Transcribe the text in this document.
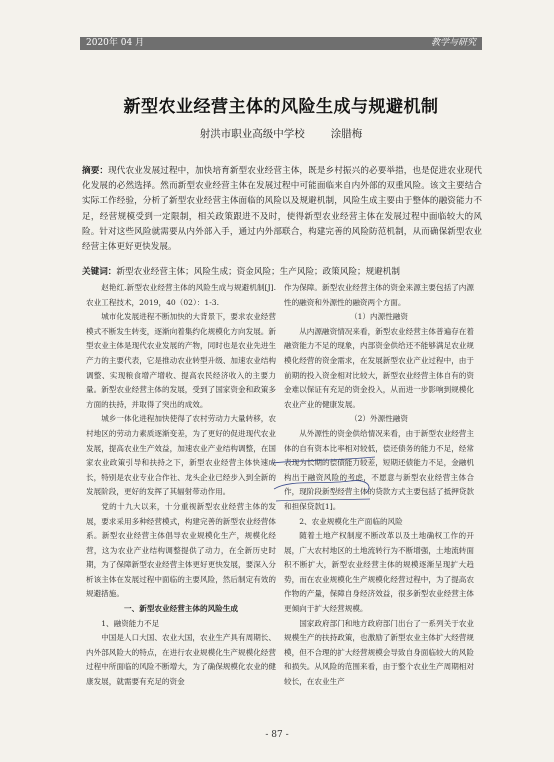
2020年 04 月	教学与研究
新型农业经营主体的风险生成与规避机制
射洪市职业高级中学校 涂腊梅
摘要：现代农业发展过程中，加快培育新型农业经营主体，既是乡村振兴的必要举措，也是促进农业现代化发展的必然选择。然而新型农业经营主体在发展过程中可能面临来自内外部的双重风险。该文主要结合实际工作经验，分析了新型农业经营主体面临的风险以及规避机制，风险生成主要由于整体的融资能力不足，经营规模受到一定限制，相关政策跟进不及时，使得新型农业经营主体在发展过程中面临较大的风险。针对这些风险就需要从内外部入手，通过内外部联合，构建完善的风险防范机制，从而确保新型农业经营主体更好更快发展。
关键词：新型农业经营主体；风险生成；资金风险；生产风险；政策风险；规避机制

赵艳红.新型农业经营主体的风险生成与规避机制[J].农业工程技术，2019，40（02）：1-3.

城市化发展进程不断加快的大背景下，要求农业经营模式不断发生转变，逐渐向着集约化规模化方向发展。新型农业主体是现代农业发展的产物，同时也是农业先进生产力的主要代表，它是推动农业转型升级、加速农业结构调整、实现粮食增产增收、提高农民经济收入的主要力量。新型农业经营主体的发展，受到了国家资金和政策多方面的扶持，并取得了突出的成效。

城乡一体化进程加快使得了农村劳动力大量转移，农村地区的劳动力素质逐渐变差，为了更好的促进现代农业发展，提高农业生产效益，加速农业产业结构调整，在国家农业政策引导和扶持之下，新型农业经营主体快速成长，特别是农业专业合作社、龙头企业已经步入到全新的发展阶段，更好的发挥了其辐射带动作用。

党的十九大以来，十分重视新型农业经营主体的发展，要求采用多种经营模式，构建完善的新型农业经营体系。新型农业经营主体倡导农业规模化生产，规模化经营，这为农业产业结构调整提供了动力，在全新历史时期，为了保障新型农业经营主体更好更快发展，要深入分析该主体在发展过程中面临的主要风险，然后制定有效的规避措施。

一、新型农业经营主体的风险生成

1、融资能力不足

中国是人口大国、农业大国，农业生产具有周期长、内外部风险大的特点，在进行农业规模化生产规模化经营过程中所面临的风险不断增大，为了确保规模化农业的健康发展，就需要有充足的资金

作为保障。新型农业经营主体的资金来源主要包括了内源性的融资和外源性的融资两个方面。

（1）内源性融资

从内源融资情况来看，新型农业经营主体普遍存在着融资能力不足的现象，内部资金供给还不能够满足农业规模化经营的资金需求，在发展新型农业产业过程中，由于前期的投入资金相对比较大，新型农业经营主体自有的资金难以保证有充足的资金投入，从而进一步影响到规模化农业产业的健康发展。

（2）外源性融资

从外源性的资金供给情况来看，由于新型农业经营主体的自有资本比率相对较低，偿还债务的能力不足，经常表现为长期的偿债能力较差，短期还债能力不足，金融机构出于融资风险的考虑，不愿意与新型农业经营主体合作，现阶段新型经营主体的贷款方式主要包括了抵押贷款和担保贷款[1]。

2、农业规模化生产面临的风险

随着土地产权制度不断改革以及土地确权工作的开展，广大农村地区的土地流转行为不断增强，土地流转面积不断扩大，新型农业经营主体的规模逐渐呈现扩大趋势，而在农业规模化生产规模化经营过程中，为了提高农作物的产量，保障自身经济效益，很多新型农业经营主体更倾向于扩大经营规模。

国家政府部门和地方政府部门出台了一系列关于农业规模生产的扶持政策，也激励了新型农业主体扩大经营规模，但不合理的扩大经营规模会导致自身面临较大的风险和损失。从风险的范围来看，由于整个农业生产周期相对较长，在农业生产

- 87 -
